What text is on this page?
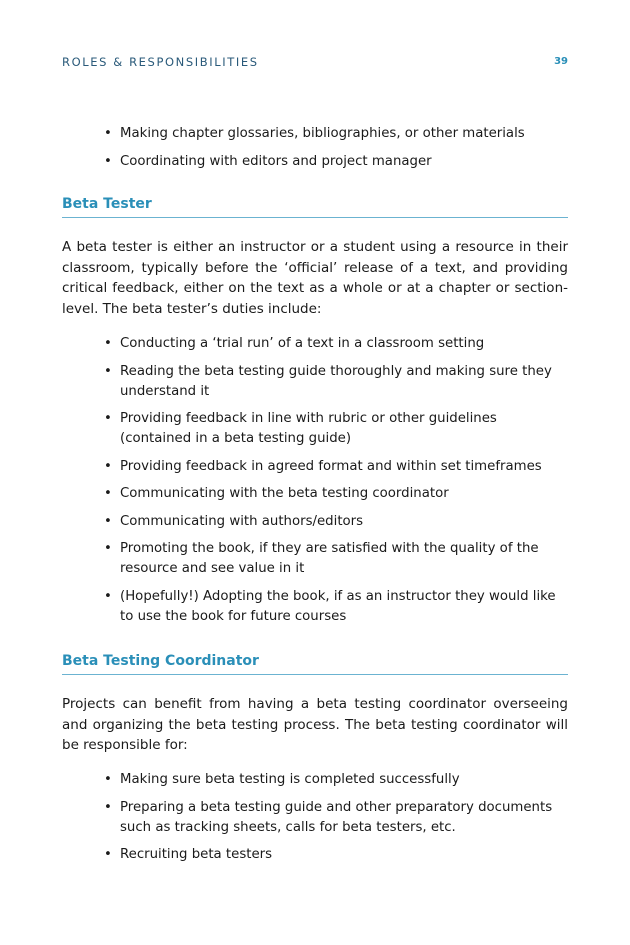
ROLES & RESPONSIBILITIES	39
• Making chapter glossaries, bibliographies, or other materials
• Coordinating with editors and project manager
Beta Tester

A beta tester is either an instructor or a student using a resource in their classroom, typically before the ‘official’ release of a text, and providing critical feedback, either on the text as a whole or at a chapter or section-level. The beta tester’s duties include:

• Conducting a ‘trial run’ of a text in a classroom setting
• Reading the beta testing guide thoroughly and making sure they understand it
• Providing feedback in line with rubric or other guidelines (contained in a beta testing guide)
• Providing feedback in agreed format and within set timeframes
• Communicating with the beta testing coordinator
• Communicating with authors/editors
• Promoting the book, if they are satisfied with the quality of the resource and see value in it
• (Hopefully!) Adopting the book, if as an instructor they would like to use the book for future courses
Beta Testing Coordinator

Projects can benefit from having a beta testing coordinator overseeing and organizing the beta testing process. The beta testing coordinator will be responsible for:

• Making sure beta testing is completed successfully
• Preparing a beta testing guide and other preparatory documents such as tracking sheets, calls for beta testers, etc.
• Recruiting beta testers
